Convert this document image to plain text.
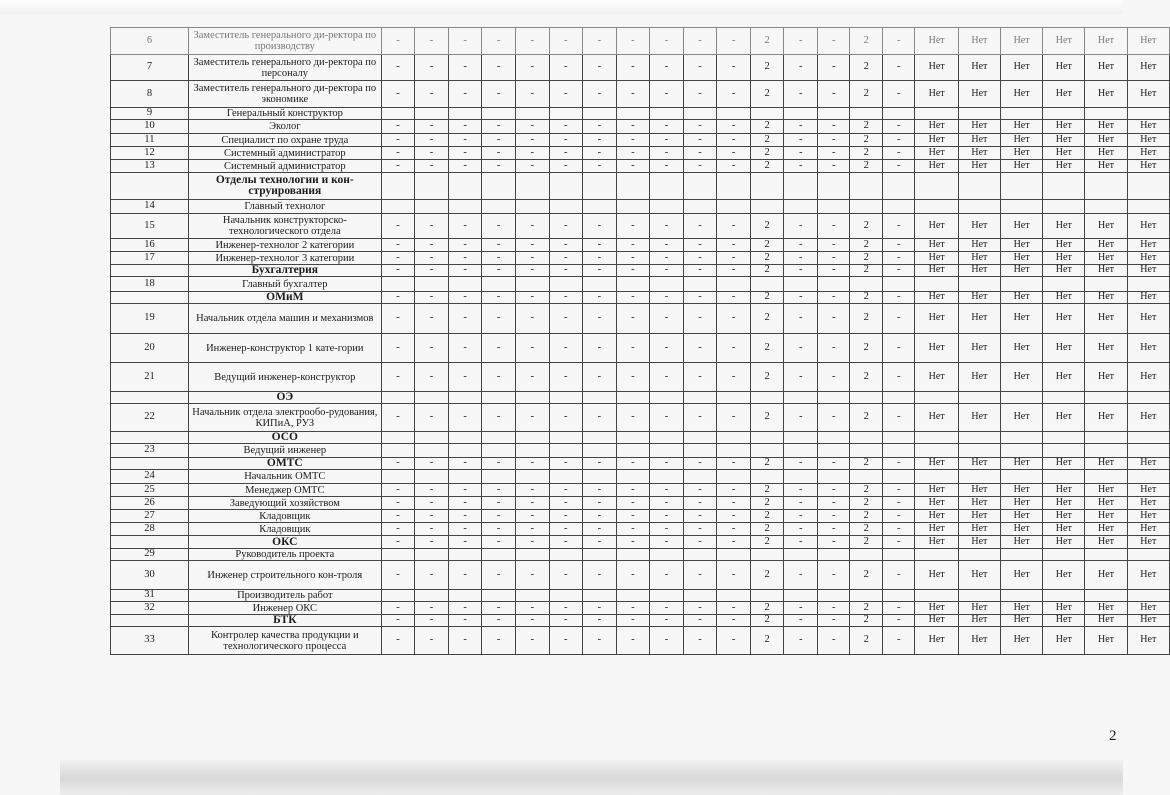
6	Заместитель генерального ди-ректора по производству	-	-	-	-	-	-	-	-	-	-	-	2	-	-	2	-	Нет	Нет	Нет	Нет	Нет	Нет
7	Заместитель генерального ди-ректора по персоналу	-	-	-	-	-	-	-	-	-	-	-	2	-	-	2	-	Нет	Нет	Нет	Нет	Нет	Нет
8	Заместитель генерального ди-ректора по экономике	-	-	-	-	-	-	-	-	-	-	-	2	-	-	2	-	Нет	Нет	Нет	Нет	Нет	Нет
9	Генеральный конструктор																						
10	Эколог	-	-	-	-	-	-	-	-	-	-	-	2	-	-	2	-	Нет	Нет	Нет	Нет	Нет	Нет
11	Специалист по охране труда	-	-	-	-	-	-	-	-	-	-	-	2	-	-	2	-	Нет	Нет	Нет	Нет	Нет	Нет
12	Системный администратор	-	-	-	-	-	-	-	-	-	-	-	2	-	-	2	-	Нет	Нет	Нет	Нет	Нет	Нет
13	Системный администратор	-	-	-	-	-	-	-	-	-	-	-	2	-	-	2	-	Нет	Нет	Нет	Нет	Нет	Нет
	Отделы технологии и кон-струирования																						
14	Главный технолог																						
15	Начальник конструкторско-технологического отдела	-	-	-	-	-	-	-	-	-	-	-	2	-	-	2	-	Нет	Нет	Нет	Нет	Нет	Нет
16	Инженер-технолог 2 категории	-	-	-	-	-	-	-	-	-	-	-	2	-	-	2	-	Нет	Нет	Нет	Нет	Нет	Нет
17	Инженер-технолог 3 категории	-	-	-	-	-	-	-	-	-	-	-	2	-	-	2	-	Нет	Нет	Нет	Нет	Нет	Нет
	Бухгалтерия	-	-	-	-	-	-	-	-	-	-	-	2	-	-	2	-	Нет	Нет	Нет	Нет	Нет	Нет
18	Главный бухгалтер																						
	ОМиМ	-	-	-	-	-	-	-	-	-	-	-	2	-	-	2	-	Нет	Нет	Нет	Нет	Нет	Нет
19	Начальник отдела машин и механизмов	-	-	-	-	-	-	-	-	-	-	-	2	-	-	2	-	Нет	Нет	Нет	Нет	Нет	Нет
20	Инженер-конструктор 1 кате-гории	-	-	-	-	-	-	-	-	-	-	-	2	-	-	2	-	Нет	Нет	Нет	Нет	Нет	Нет
21	Ведущий инженер-конструктор	-	-	-	-	-	-	-	-	-	-	-	2	-	-	2	-	Нет	Нет	Нет	Нет	Нет	Нет
	ОЭ																						
22	Начальник отдела электрообо-рудования, КИПиА, РУЗ	-	-	-	-	-	-	-	-	-	-	-	2	-	-	2	-	Нет	Нет	Нет	Нет	Нет	Нет
	ОСО																						
23	Ведущий инженер																						
	ОМТС	-	-	-	-	-	-	-	-	-	-	-	2	-	-	2	-	Нет	Нет	Нет	Нет	Нет	Нет
24	Начальник ОМТС																						
25	Менеджер ОМТС	-	-	-	-	-	-	-	-	-	-	-	2	-	-	2	-	Нет	Нет	Нет	Нет	Нет	Нет
26	Заведующий хозяйством	-	-	-	-	-	-	-	-	-	-	-	2	-	-	2	-	Нет	Нет	Нет	Нет	Нет	Нет
27	Кладовщик	-	-	-	-	-	-	-	-	-	-	-	2	-	-	2	-	Нет	Нет	Нет	Нет	Нет	Нет
28	Кладовщик	-	-	-	-	-	-	-	-	-	-	-	2	-	-	2	-	Нет	Нет	Нет	Нет	Нет	Нет
	ОКС	-	-	-	-	-	-	-	-	-	-	-	2	-	-	2	-	Нет	Нет	Нет	Нет	Нет	Нет
29	Руководитель проекта																						
30	Инженер строительного кон-троля	-	-	-	-	-	-	-	-	-	-	-	2	-	-	2	-	Нет	Нет	Нет	Нет	Нет	Нет
31	Производитель работ																						
32	Инженер ОКС	-	-	-	-	-	-	-	-	-	-	-	2	-	-	2	-	Нет	Нет	Нет	Нет	Нет	Нет
	БТК	-	-	-	-	-	-	-	-	-	-	-	2	-	-	2	-	Нет	Нет	Нет	Нет	Нет	Нет
33	Контролер качества продукции и технологического процесса	-	-	-	-	-	-	-	-	-	-	-	2	-	-	2	-	Нет	Нет	Нет	Нет	Нет	Нет
2
